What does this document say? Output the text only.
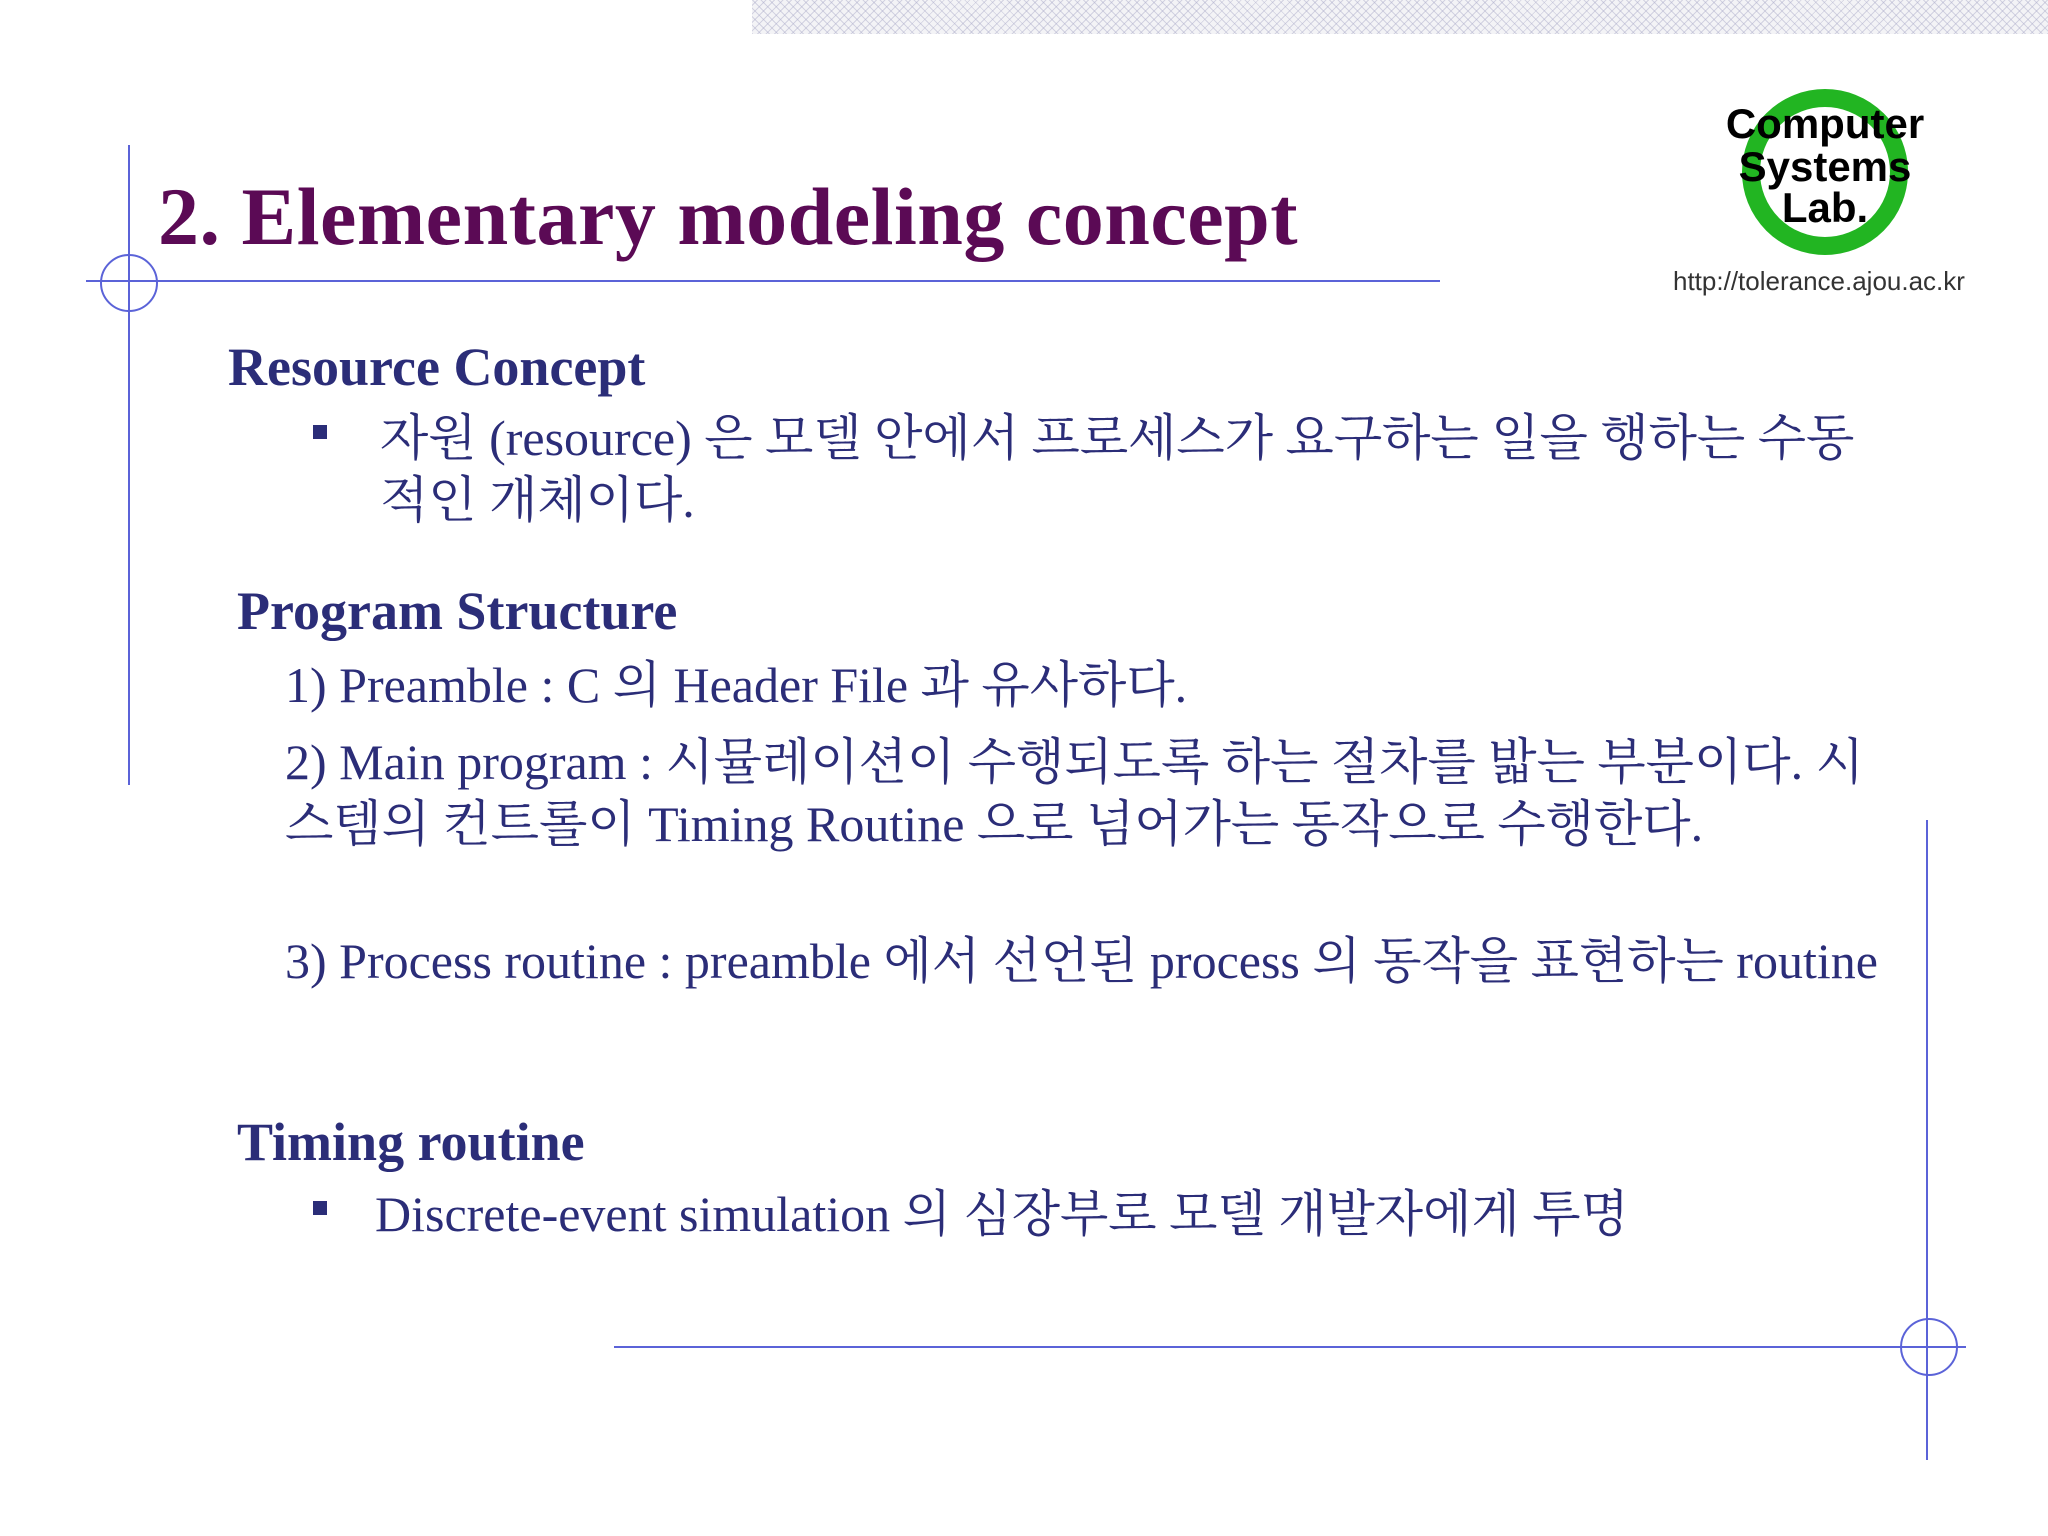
2. Elementary modeling concept
Computer
Systems
Lab.
http://tolerance.ajou.ac.kr
Resource Concept
자원 (resource) 은 모델 안에서 프로세스가 요구하는 일을 행하는 수동적인 개체이다.
Program Structure
1) Preamble : C 의 Header File 과 유사하다.
2) Main program : 시뮬레이션이 수행되도록 하는 절차를 밟는 부분이다. 시스템의 컨트롤이 Timing Routine 으로 넘어가는 동작으로 수행한다.
3) Process routine : preamble 에서 선언된 process 의 동작을 표현하는 routine
Timing routine
Discrete-event simulation 의 심장부로 모델 개발자에게 투명
